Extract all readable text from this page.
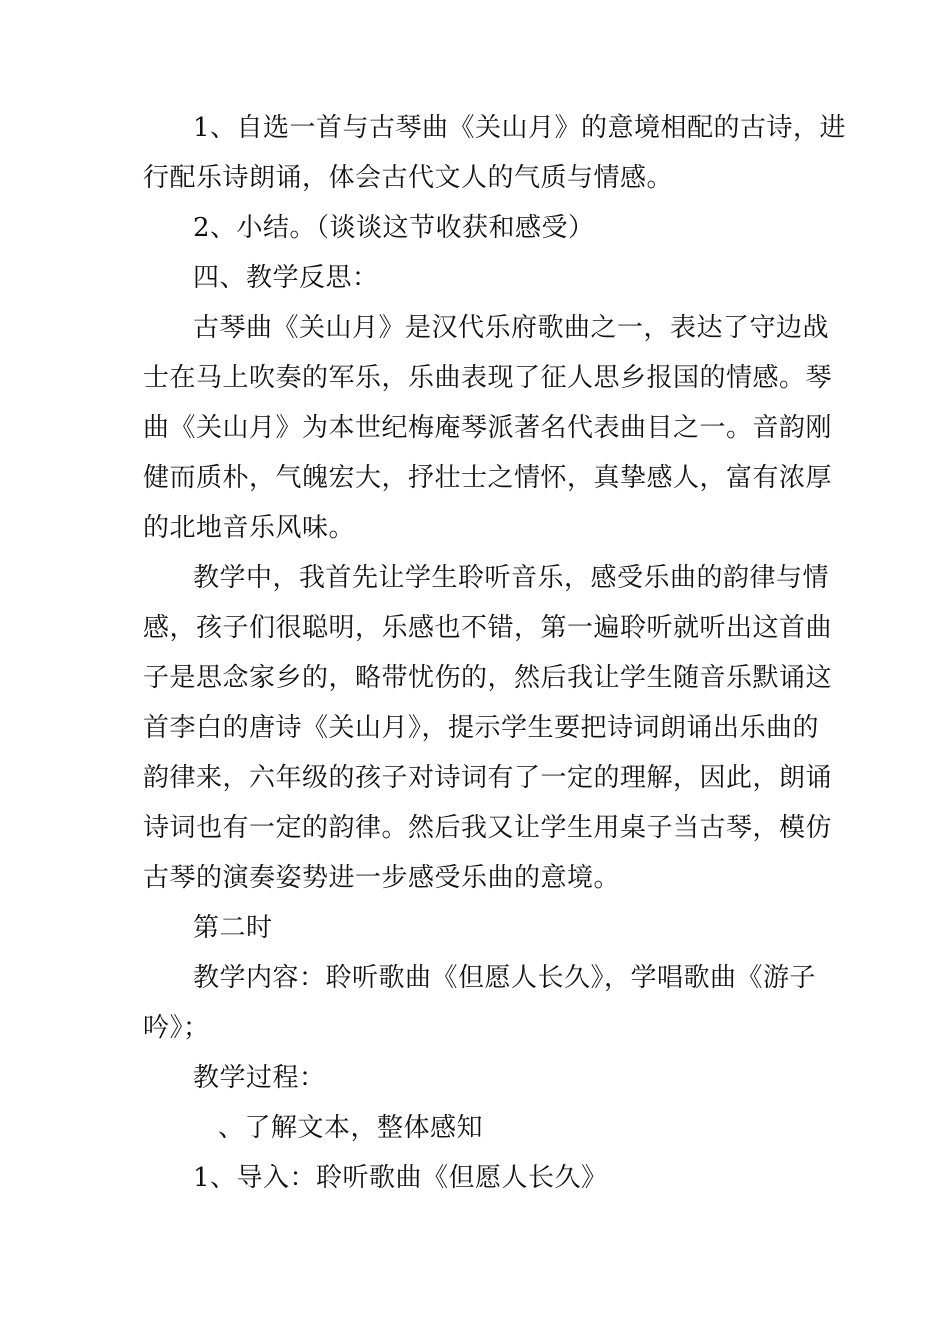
1、自选一首与古琴曲《关山月》的意境相配的古诗，进
行配乐诗朗诵，体会古代文人的气质与情感。
2、小结。（谈谈这节收获和感受）
四、教学反思：
古琴曲《关山月》是汉代乐府歌曲之一，表达了守边战
士在马上吹奏的军乐，乐曲表现了征人思乡报国的情感。琴
曲《关山月》为本世纪梅庵琴派著名代表曲目之一。音韵刚
健而质朴，气魄宏大，抒壮士之情怀，真挚感人，富有浓厚
的北地音乐风味。
教学中，我首先让学生聆听音乐，感受乐曲的韵律与情
感，孩子们很聪明，乐感也不错，第一遍聆听就听出这首曲
子是思念家乡的，略带忧伤的，然后我让学生随音乐默诵这
首李白的唐诗《关山月》，提示学生要把诗词朗诵出乐曲的
韵律来，六年级的孩子对诗词有了一定的理解，因此，朗诵
诗词也有一定的韵律。然后我又让学生用桌子当古琴，模仿
古琴的演奏姿势进一步感受乐曲的意境。
第二时
教学内容：聆听歌曲《但愿人长久》，学唱歌曲《游子
吟》；
教学过程：
、了解文本，整体感知
1、导入：聆听歌曲《但愿人长久》
